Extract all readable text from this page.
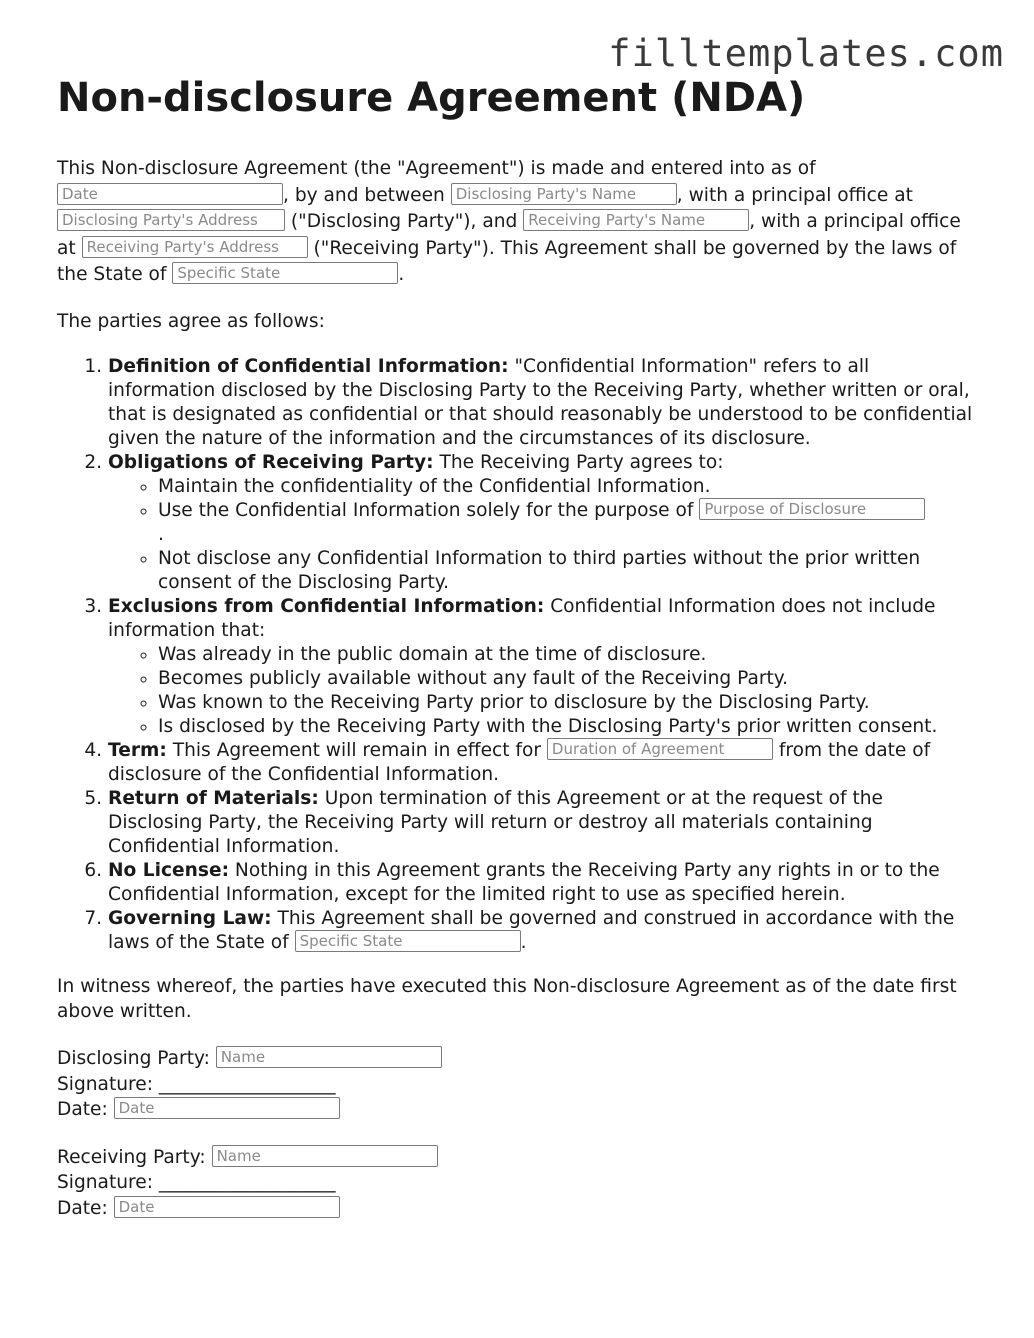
filltemplates.com
Non-disclosure Agreement (NDA)

This Non-disclosure Agreement (the "Agreement") is made and entered into as of Date	, by and between Disclosing Party's Name , with a principal office at Disclosing Party's Address ("Disclosing Party"), and Receiving Party's Name , with a principal office at Receiving Party's Address ("Receiving Party"). This Agreement shall be governed by the laws of the State of Specific State	.

The parties agree as follows:

1. Definition of Confidential Information: "Confidential Information" refers to all information disclosed by the Disclosing Party to the Receiving Party, whether written or oral, that is designated as confidential or that should reasonably be understood to be confidential given the nature of the information and the circumstances of its disclosure.
2. Obligations of Receiving Party: The Receiving Party agrees to:
◦ Maintain the confidentiality of the Confidential Information.
◦ Use the Confidential Information solely for the purpose of Purpose of Disclosure
.
◦ Not disclose any Confidential Information to third parties without the prior written consent of the Disclosing Party.
3. Exclusions from Confidential Information: Confidential Information does not include information that:
◦ Was already in the public domain at the time of disclosure.
◦ Becomes publicly available without any fault of the Receiving Party.
◦ Was known to the Receiving Party prior to disclosure by the Disclosing Party.
◦ Is disclosed by the Receiving Party with the Disclosing Party's prior written consent.
4. Term: This Agreement will remain in effect for Duration of Agreement	from the date of disclosure of the Confidential Information.
5. Return of Materials: Upon termination of this Agreement or at the request of the Disclosing Party, the Receiving Party will return or destroy all materials containing Confidential Information.
6. No License: Nothing in this Agreement grants the Receiving Party any rights in or to the Confidential Information, except for the limited right to use as specified herein.
7. Governing Law: This Agreement shall be governed and construed in accordance with the laws of the State of Specific State	.

In witness whereof, the parties have executed this Non-disclosure Agreement as of the date first above written.

Disclosing Party: Name
Signature: ___________________
Date: Date
Receiving Party: Name
Signature: ___________________
Date: Date
